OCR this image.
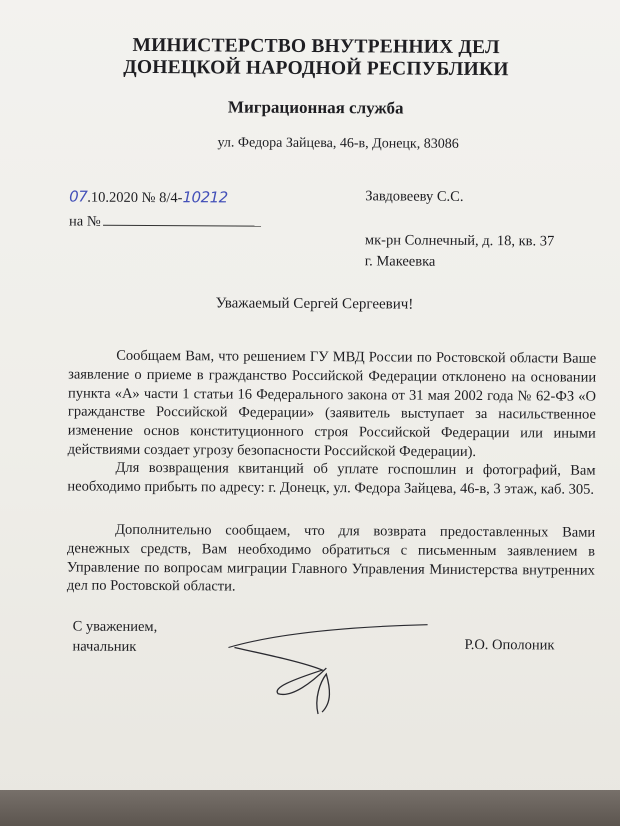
МИНИСТЕРСТВО ВНУТРЕННИХ ДЕЛ
ДОНЕЦКОЙ НАРОДНОЙ РЕСПУБЛИКИ
Миграционная служба
ул. Федора Зайцева, 46-в, Донецк, 83086
07.10.2020 № 8/4-10212
на №
Завдовееву С.С.
мк-рн Солнечный, д. 18, кв. 37
г. Макеевка
Уважаемый Сергей Сергеевич!
Сообщаем Вам, что решением ГУ МВД России по Ростовской области Ваше заявление о приеме в гражданство Российской Федерации отклонено на основании пункта «А» части 1 статьи 16 Федерального закона от 31 мая 2002 года № 62-ФЗ «О гражданстве Российской Федерации» (заявитель выступает за насильственное изменение основ конституционного строя Российской Федерации или иными действиями создает угрозу безопасности Российской Федерации).
Для возвращения квитанций об уплате госпошлин и фотографий, Вам необходимо прибыть по адресу: г. Донецк, ул. Федора Зайцева, 46-в, 3 этаж, каб. 305.
Дополнительно сообщаем, что для возврата предоставленных Вами денежных средств, Вам необходимо обратиться с письменным заявлением в Управление по вопросам миграции Главного Управления Министерства внутренних дел по Ростовской области.
С уважением,
начальник	Р.О. Ополоник
